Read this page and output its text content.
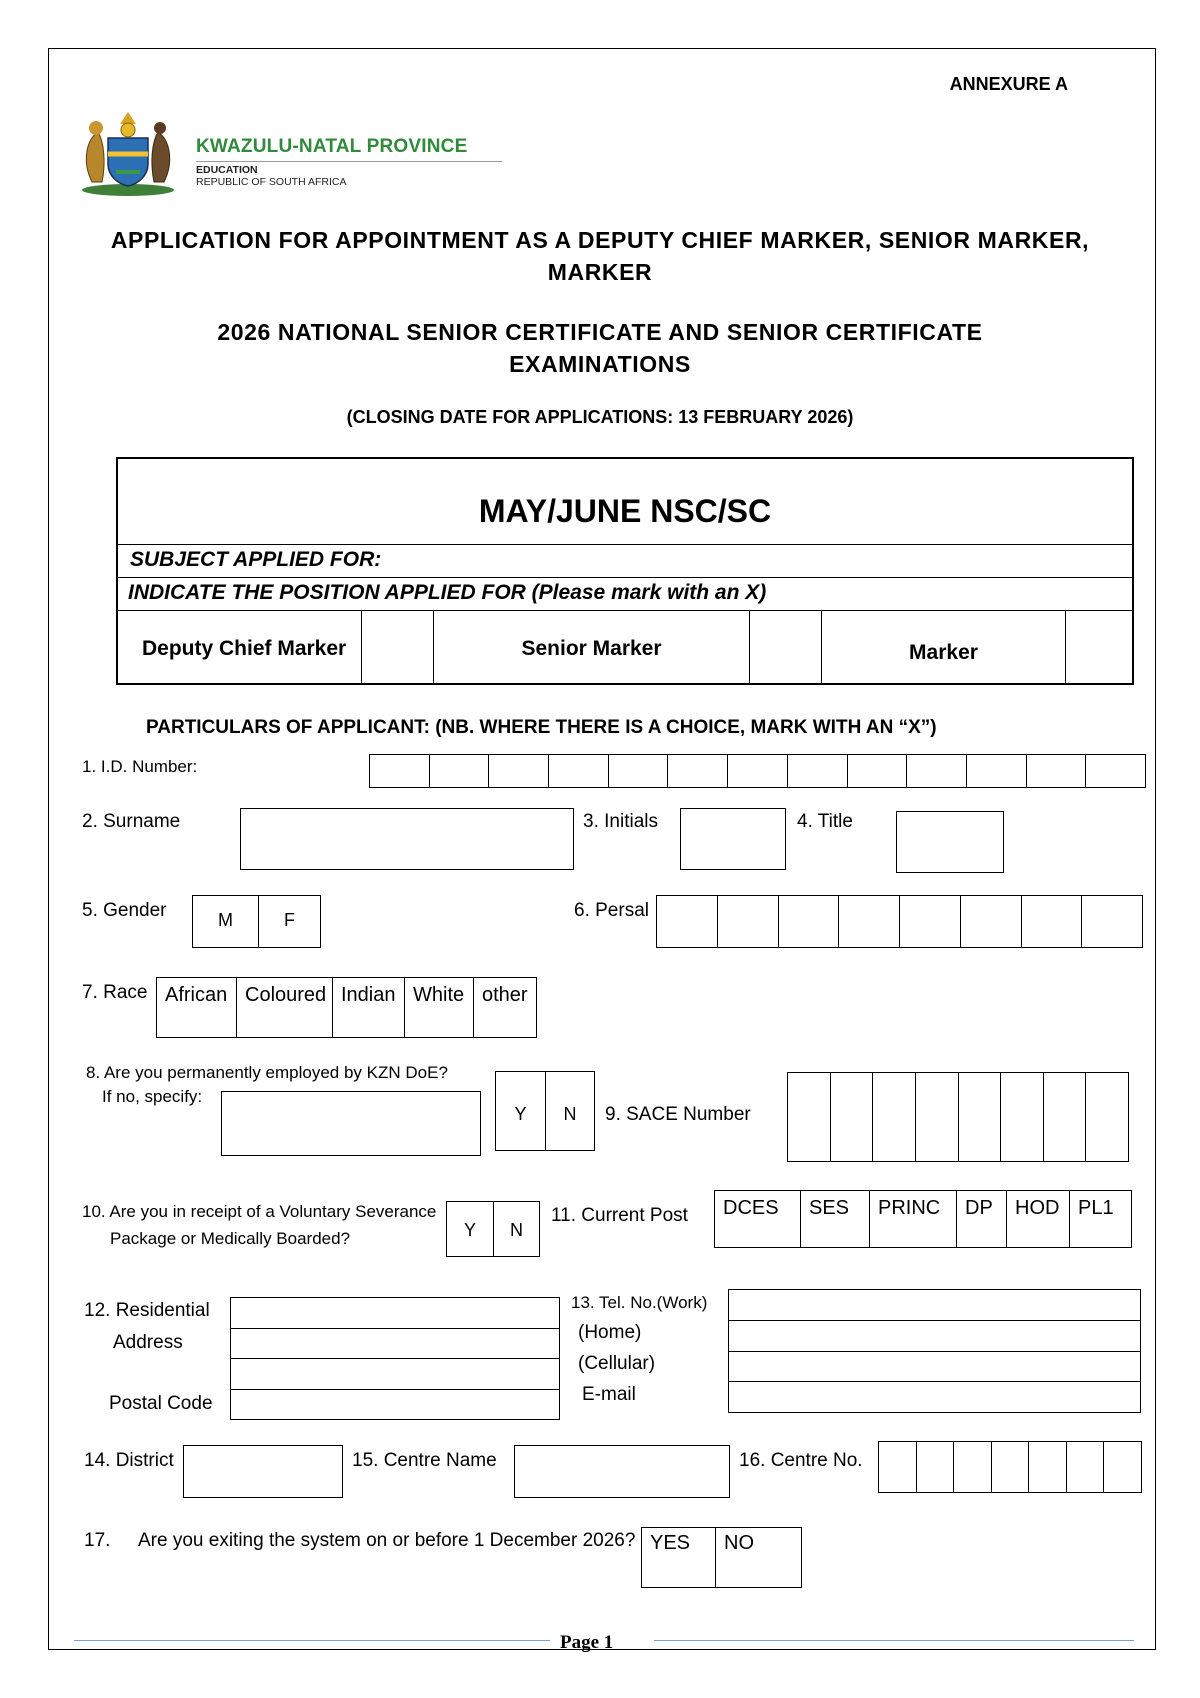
ANNEXURE A
KWAZULU-NATAL PROVINCE
EDUCATION
REPUBLIC OF SOUTH AFRICA
APPLICATION FOR APPOINTMENT AS A DEPUTY CHIEF MARKER, SENIOR MARKER,
MARKER
2026 NATIONAL SENIOR CERTIFICATE AND SENIOR CERTIFICATE
EXAMINATIONS
(CLOSING DATE FOR APPLICATIONS: 13 FEBRUARY 2026)
MAY/JUNE NSC/SC
SUBJECT APPLIED FOR:
INDICATE THE POSITION APPLIED FOR (Please mark with an X)
Deputy Chief Marker	Senior Marker	Marker
PARTICULARS OF APPLICANT: (NB. WHERE THERE IS A CHOICE, MARK WITH AN “X”)
1. I.D. Number:
2. Surname	3. Initials	4. Title
5. Gender	M	F	6. Persal
7. Race African Coloured Indian White other
8. Are you permanently employed by KZN DoE?
If no, specify:
Y	N	9. SACE Number
10. Are you in receipt of a Voluntary Severance
Package or Medically Boarded?	Y	N
11. Current Post	DCES	SES	PRINC	DP	HOD PL1
12. Residential
Address
Postal Code
13. Tel. No.(Work)
(Home)
(Cellular)
E-mail
14. District	15. Centre Name	16. Centre No.
17. Are you exiting the system on or before 1 December 2026? YES	NO
Page 1
